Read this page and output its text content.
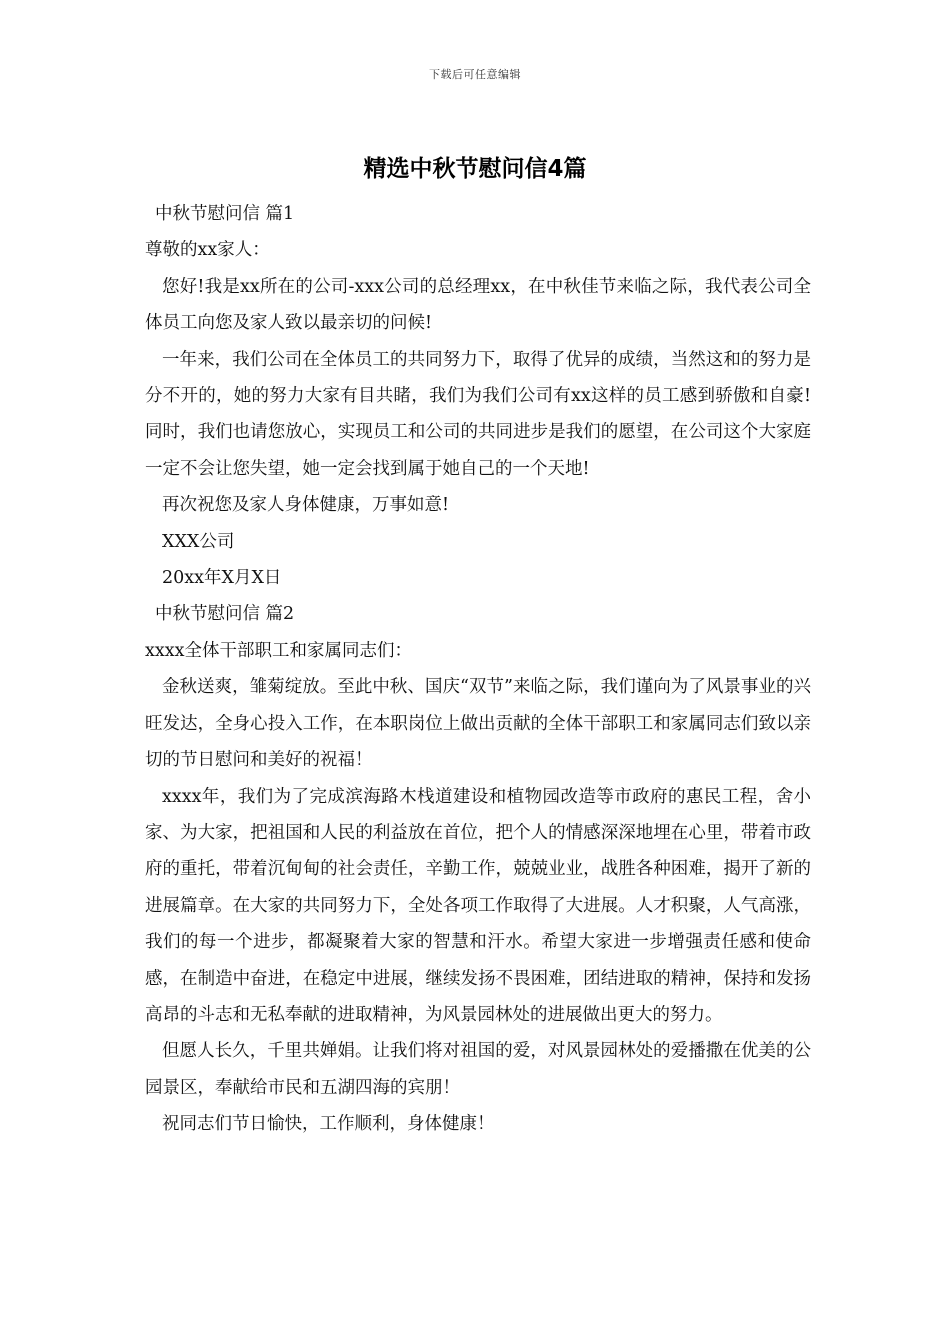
下载后可任意编辑
精选中秋节慰问信4篇

中秋节慰问信 篇1

尊敬的xx家人：

您好!我是xx所在的公司-xxx公司的总经理xx，在中秋佳节来临之际，我代表公司全体员工向您及家人致以最亲切的问候!

一年来，我们公司在全体员工的共同努力下，取得了优异的成绩，当然这和的努力是分不开的，她的努力大家有目共睹，我们为我们公司有xx这样的员工感到骄傲和自豪!同时，我们也请您放心，实现员工和公司的共同进步是我们的愿望，在公司这个大家庭一定不会让您失望，她一定会找到属于她自己的一个天地!

再次祝您及家人身体健康，万事如意!

XXX公司

20xx年X月X日

中秋节慰问信 篇2

xxxx全体干部职工和家属同志们：

金秋送爽，雏菊绽放。至此中秋、国庆“双节”来临之际，我们谨向为了风景事业的兴旺发达，全身心投入工作，在本职岗位上做出贡献的全体干部职工和家属同志们致以亲切的节日慰问和美好的祝福！

xxxx年，我们为了完成滨海路木栈道建设和植物园改造等市政府的惠民工程，舍小家、为大家，把祖国和人民的利益放在首位，把个人的情感深深地埋在心里，带着市政府的重托，带着沉甸甸的社会责任，辛勤工作，兢兢业业，战胜各种困难，揭开了新的进展篇章。在大家的共同努力下，全处各项工作取得了大进展。人才积聚，人气高涨，我们的每一个进步，都凝聚着大家的智慧和汗水。希望大家进一步增强责任感和使命感，在制造中奋进，在稳定中进展，继续发扬不畏困难，团结进取的精神，保持和发扬高昂的斗志和无私奉献的进取精神，为风景园林处的进展做出更大的努力。

但愿人长久，千里共婵娟。让我们将对祖国的爱，对风景园林处的爱播撒在优美的公园景区，奉献给市民和五湖四海的宾朋！

祝同志们节日愉快，工作顺利，身体健康！
